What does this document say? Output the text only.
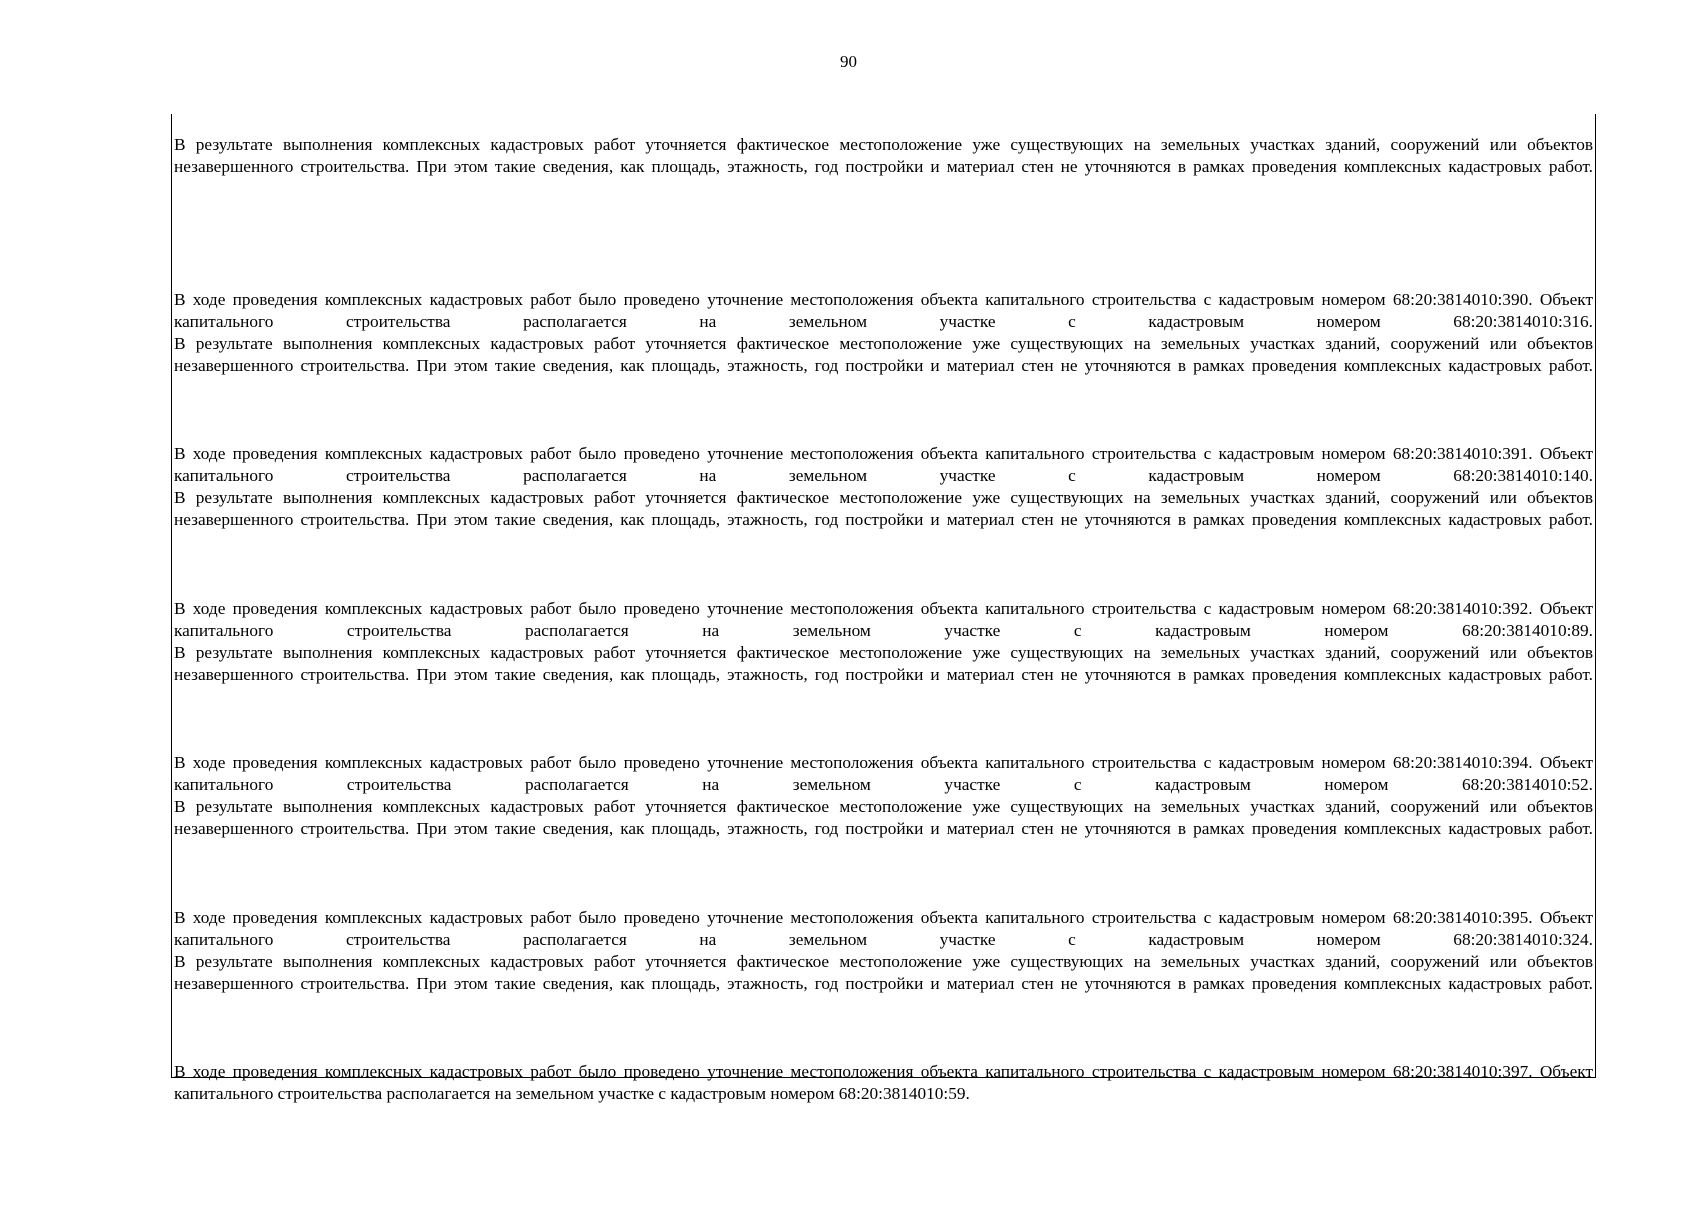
90

В результате выполнения комплексных кадастровых работ уточняется фактическое местоположение уже существующих на земельных участках зданий, сооружений или объектов незавершенного строительства. При этом такие сведения, как площадь, этажность, год постройки и материал стен не уточняются в рамках проведения комплексных кадастровых работ.

В ходе проведения комплексных кадастровых работ было проведено уточнение местоположения объекта капитального строительства с кадастровым номером 68:20:3814010:390. Объект капитального строительства располагается на земельном участке с кадастровым номером 68:20:3814010:316.

В результате выполнения комплексных кадастровых работ уточняется фактическое местоположение уже существующих на земельных участках зданий, сооружений или объектов незавершенного строительства. При этом такие сведения, как площадь, этажность, год постройки и материал стен не уточняются в рамках проведения комплексных кадастровых работ.

В ходе проведения комплексных кадастровых работ было проведено уточнение местоположения объекта капитального строительства с кадастровым номером 68:20:3814010:391. Объект капитального строительства располагается на земельном участке с кадастровым номером 68:20:3814010:140.

В результате выполнения комплексных кадастровых работ уточняется фактическое местоположение уже существующих на земельных участках зданий, сооружений или объектов незавершенного строительства. При этом такие сведения, как площадь, этажность, год постройки и материал стен не уточняются в рамках проведения комплексных кадастровых работ.

В ходе проведения комплексных кадастровых работ было проведено уточнение местоположения объекта капитального строительства с кадастровым номером 68:20:3814010:392. Объект капитального строительства располагается на земельном участке с кадастровым номером 68:20:3814010:89.

В результате выполнения комплексных кадастровых работ уточняется фактическое местоположение уже существующих на земельных участках зданий, сооружений или объектов незавершенного строительства. При этом такие сведения, как площадь, этажность, год постройки и материал стен не уточняются в рамках проведения комплексных кадастровых работ.

В ходе проведения комплексных кадастровых работ было проведено уточнение местоположения объекта капитального строительства с кадастровым номером 68:20:3814010:394. Объект капитального строительства располагается на земельном участке с кадастровым номером 68:20:3814010:52.

В результате выполнения комплексных кадастровых работ уточняется фактическое местоположение уже существующих на земельных участках зданий, сооружений или объектов незавершенного строительства. При этом такие сведения, как площадь, этажность, год постройки и материал стен не уточняются в рамках проведения комплексных кадастровых работ.

В ходе проведения комплексных кадастровых работ было проведено уточнение местоположения объекта капитального строительства с кадастровым номером 68:20:3814010:395. Объект капитального строительства располагается на земельном участке с кадастровым номером 68:20:3814010:324.

В результате выполнения комплексных кадастровых работ уточняется фактическое местоположение уже существующих на земельных участках зданий, сооружений или объектов незавершенного строительства. При этом такие сведения, как площадь, этажность, год постройки и материал стен не уточняются в рамках проведения комплексных кадастровых работ.

В ходе проведения комплексных кадастровых работ было проведено уточнение местоположения объекта капитального строительства с кадастровым номером 68:20:3814010:397. Объект капитального строительства располагается на земельном участке с кадастровым номером 68:20:3814010:59.
